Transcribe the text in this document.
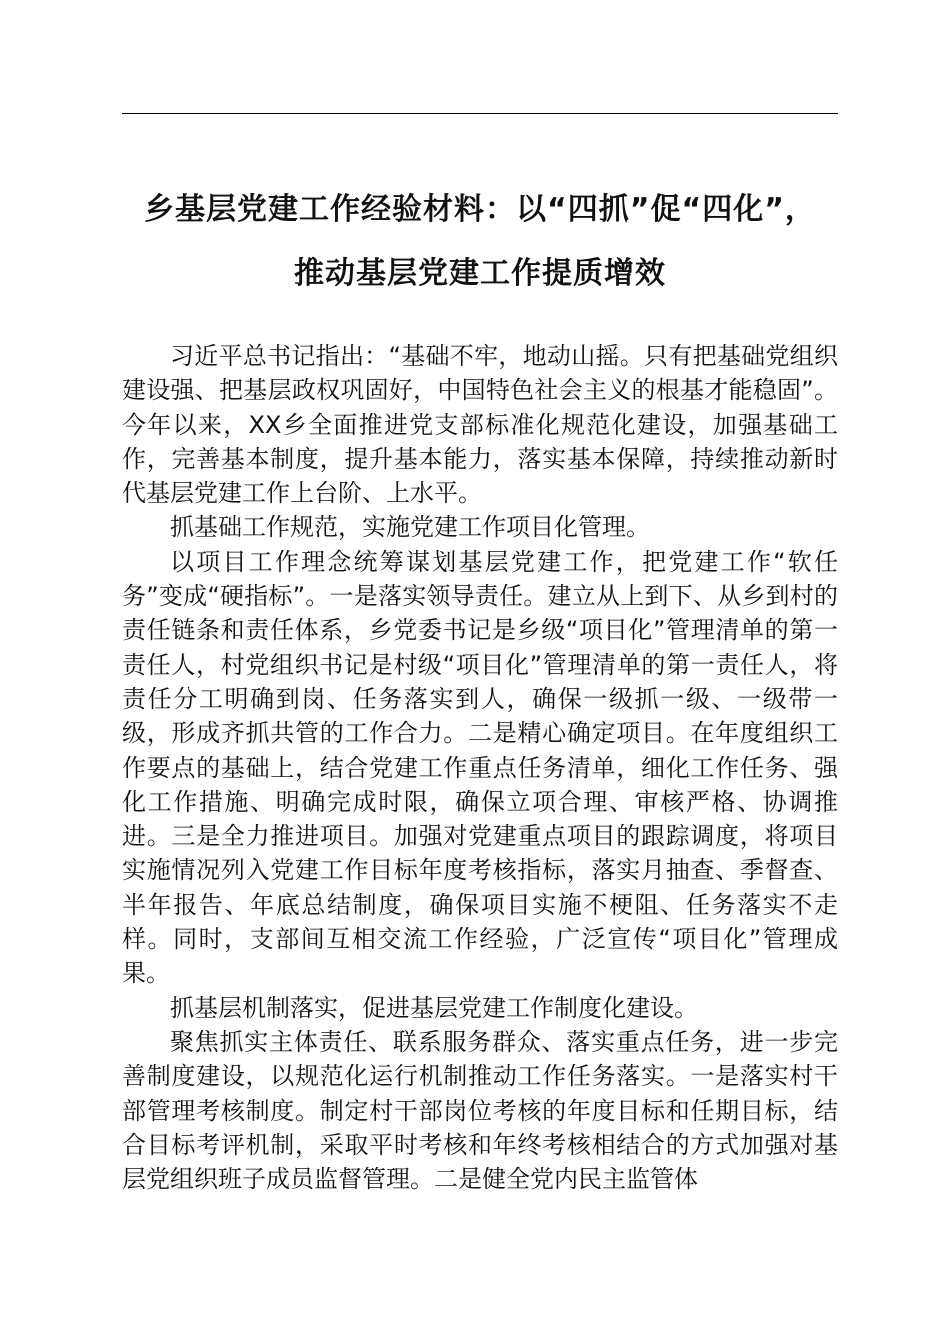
乡基层党建工作经验材料：以“四抓”促“四化”，
推动基层党建工作提质增效

习近平总书记指出：“基础不牢，地动山摇。只有把基础党组织建设强、把基层政权巩固好，中国特色社会主义的根基才能稳固”。今年以来，XX乡全面推进党支部标准化规范化建设，加强基础工作，完善基本制度，提升基本能力，落实基本保障，持续推动新时代基层党建工作上台阶、上水平。

抓基础工作规范，实施党建工作项目化管理。

以项目工作理念统筹谋划基层党建工作，把党建工作“软任务”变成“硬指标”。一是落实领导责任。建立从上到下、从乡到村的责任链条和责任体系，乡党委书记是乡级“项目化”管理清单的第一责任人，村党组织书记是村级“项目化”管理清单的第一责任人，将责任分工明确到岗、任务落实到人，确保一级抓一级、一级带一级，形成齐抓共管的工作合力。二是精心确定项目。在年度组织工作要点的基础上，结合党建工作重点任务清单，细化工作任务、强化工作措施、明确完成时限，确保立项合理、审核严格、协调推进。三是全力推进项目。加强对党建重点项目的跟踪调度，将项目实施情况列入党建工作目标年度考核指标，落实月抽查、季督查、半年报告、年底总结制度，确保项目实施不梗阻、任务落实不走样。同时，支部间互相交流工作经验，广泛宣传“项目化”管理成果。

抓基层机制落实，促进基层党建工作制度化建设。

聚焦抓实主体责任、联系服务群众、落实重点任务，进一步完善制度建设，以规范化运行机制推动工作任务落实。一是落实村干部管理考核制度。制定村干部岗位考核的年度目标和任期目标，结合目标考评机制，采取平时考核和年终考核相结合的方式加强对基层党组织班子成员监督管理。二是健全党内民主监管体
